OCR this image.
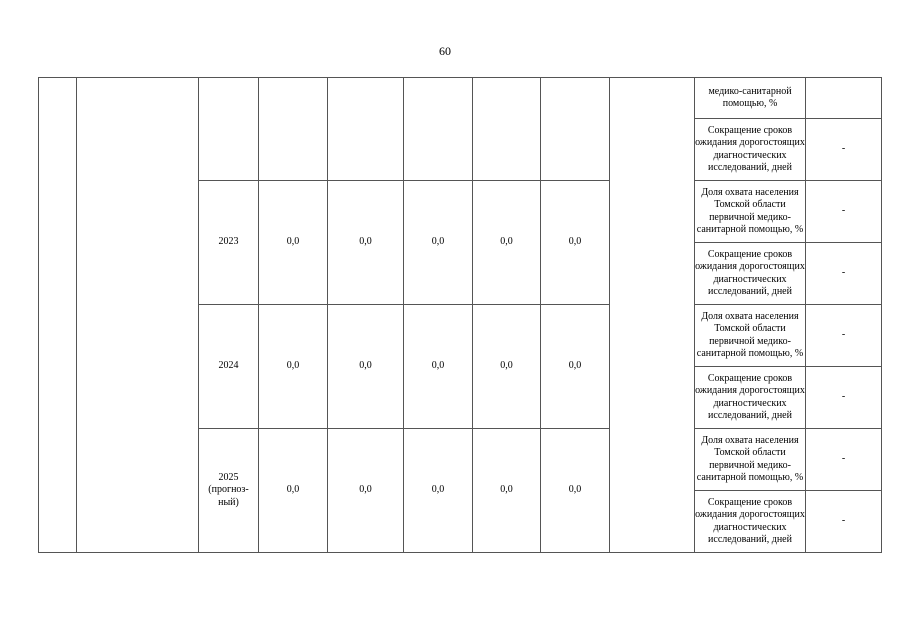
60
									медико-санитарной помощью, %	
									Сокращение сроков ожидания дорогостоящих диагностических исследований, дней	-
		2023	0,0	0,0	0,0	0,0	0,0		Доля охвата населения Томской области первичной медико-санитарной помощью, %	-
									Сокращение сроков ожидания дорогостоящих диагностических исследований, дней	-
		2024	0,0	0,0	0,0	0,0	0,0		Доля охвата населения Томской области первичной медико-санитарной помощью, %	-
									Сокращение сроков ожидания дорогостоящих диагностических исследований, дней	-
		2025 (прогноз- ный)	0,0	0,0	0,0	0,0	0,0		Доля охвата населения Томской области первичной медико-санитарной помощью, %	-
									Сокращение сроков ожидания дорогостоящих диагностических исследований, дней	-
